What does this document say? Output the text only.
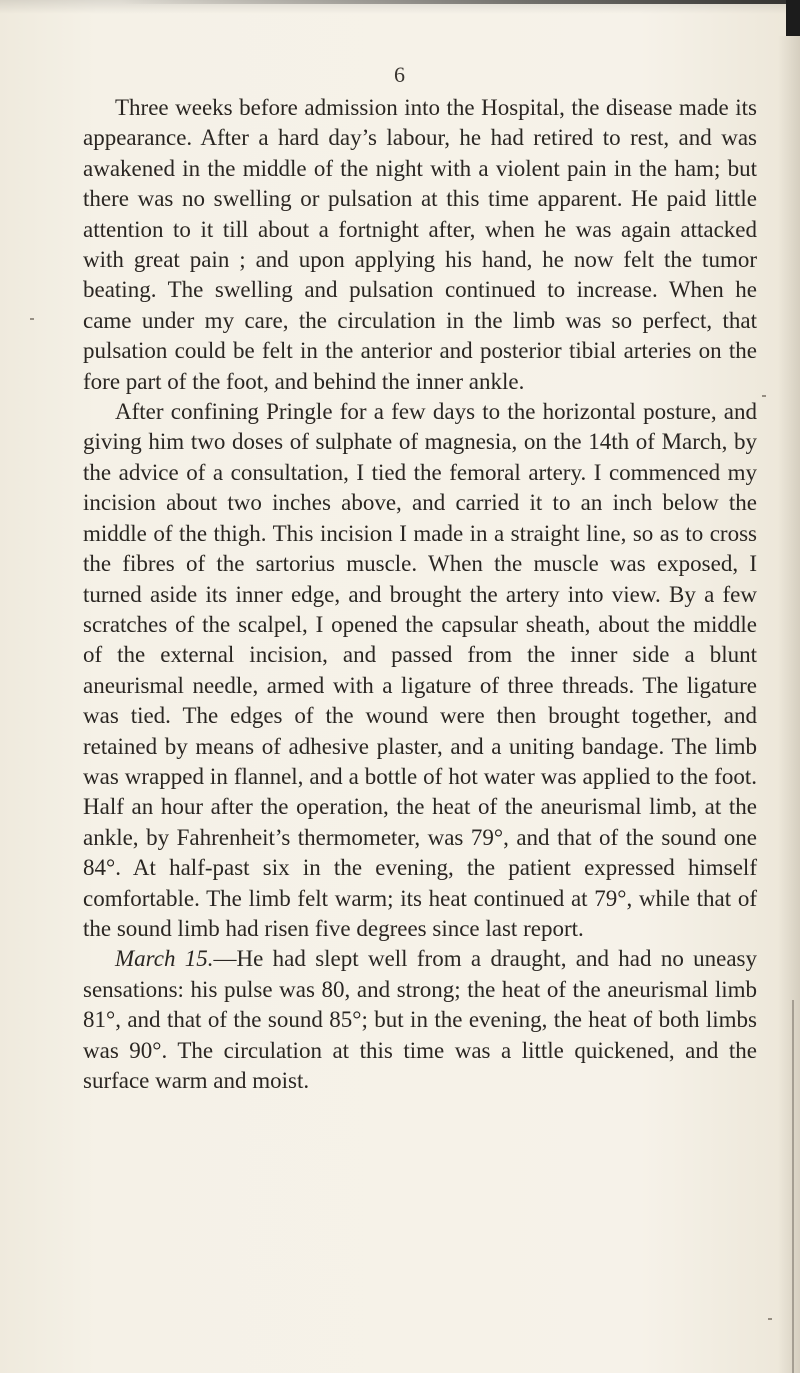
6

Three weeks before admission into the Hospital, the disease made its appearance. After a hard day’s labour, he had retired to rest, and was awakened in the middle of the night with a violent pain in the ham; but there was no swelling or pulsation at this time apparent. He paid little attention to it till about a fortnight after, when he was again attacked with great pain ; and upon applying his hand, he now felt the tumor beating. The swelling and pulsation continued to increase. When he came under my care, the circulation in the limb was so perfect, that pulsation could be felt in the anterior and posterior tibial arteries on the fore part of the foot, and behind the inner ankle.

After confining Pringle for a few days to the horizontal posture, and giving him two doses of sulphate of magnesia, on the 14th of March, by the advice of a consultation, I tied the femoral artery. I commenced my incision about two inches above, and carried it to an inch below the middle of the thigh. This incision I made in a straight line, so as to cross the fibres of the sartorius muscle. When the muscle was exposed, I turned aside its inner edge, and brought the artery into view. By a few scratches of the scalpel, I opened the capsular sheath, about the middle of the external incision, and passed from the inner side a blunt aneurismal needle, armed with a ligature of three threads. The ligature was tied. The edges of the wound were then brought together, and retained by means of adhesive plaster, and a uniting bandage. The limb was wrapped in flannel, and a bottle of hot water was applied to the foot. Half an hour after the operation, the heat of the aneurismal limb, at the ankle, by Fahrenheit’s thermometer, was 79°, and that of the sound one 84°. At half-past six in the evening, the patient expressed himself comfortable. The limb felt warm; its heat continued at 79°, while that of the sound limb had risen five degrees since last report.

March 15.—He had slept well from a draught, and had no uneasy sensations: his pulse was 80, and strong; the heat of the aneurismal limb 81°, and that of the sound 85°; but in the evening, the heat of both limbs was 90°. The circulation at this time was a little quickened, and the surface warm and moist.
